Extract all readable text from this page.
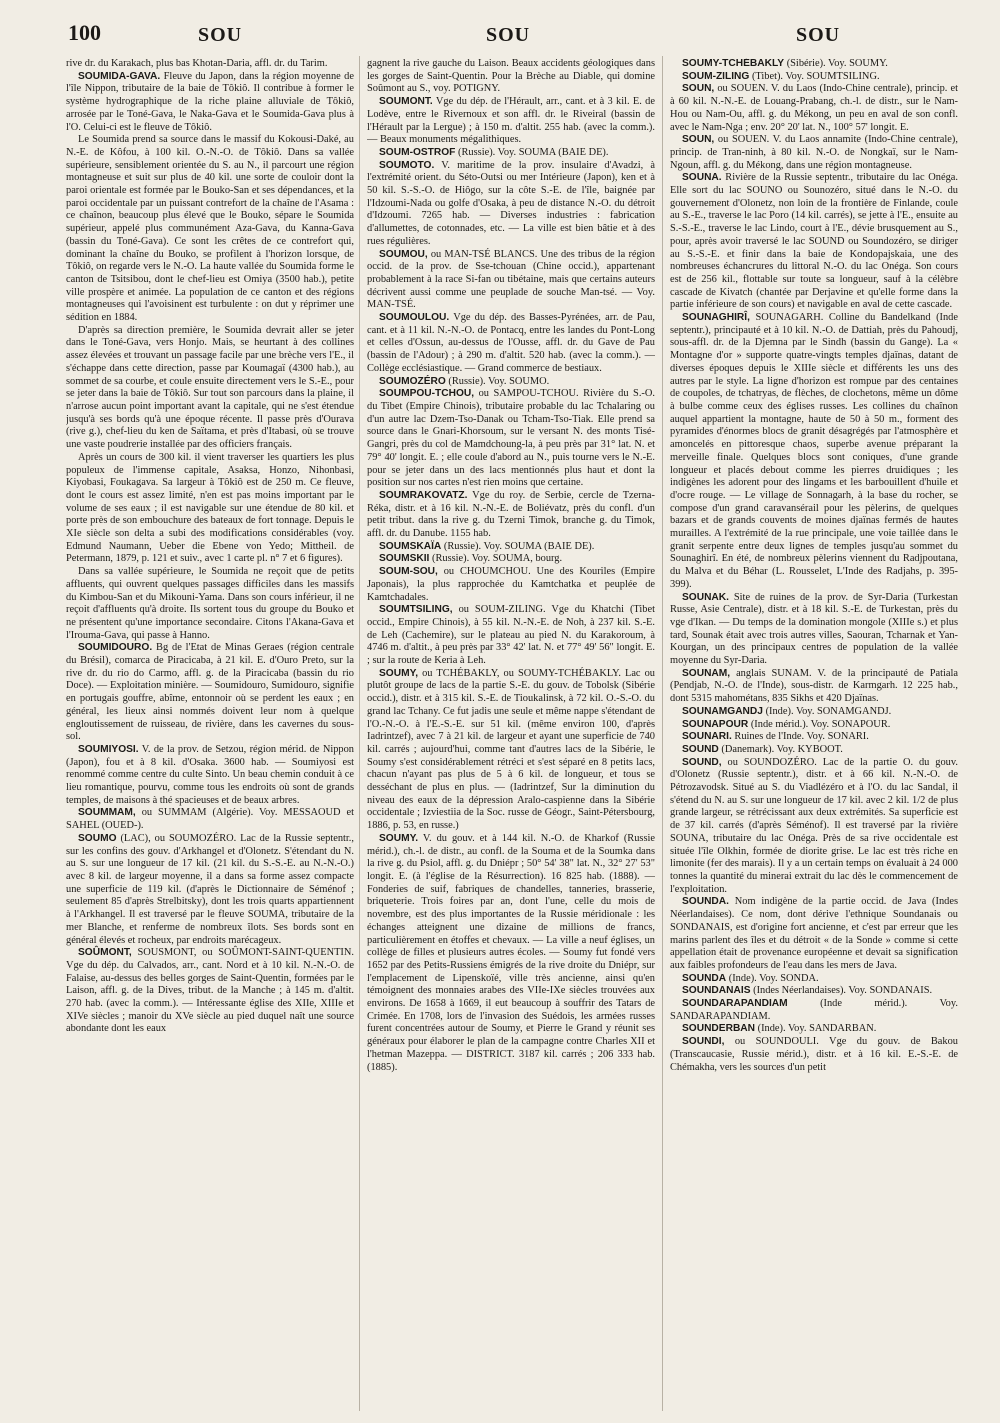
100	SOU	SOU	SOU

rive dr. du Karakach, plus bas Khotan-Daria, affl. dr. du Tarim.

SOUMIDA-GAVA. Fleuve du Japon, dans la région moyenne de l'île Nippon, tributaire de la baie de Tôkiô. Il contribue à former le système hydrographique de la riche plaine alluviale de Tôkiô, arrosée par le Toné-Gava, le Naka-Gava et le Soumida-Gava plus à l'O. Celui-ci est le fleuve de Tôkiô.

Le Soumida prend sa source dans le massif du Kokousi-Daké, au N.-E. de Kôfou, à 100 kil. O.-N.-O. de Tôkiô. Dans sa vallée supérieure, sensiblement orientée du S. au N., il parcourt une région montagneuse et suit sur plus de 40 kil. une sorte de couloir dont la paroi orientale est formée par le Bouko-San et ses dépendances, et la paroi occidentale par un puissant contrefort de la chaîne de l'Asama : ce chaînon, beaucoup plus élevé que le Bouko, sépare le Soumida supérieur, appelé plus communément Aza-Gava, du Kanna-Gava (bassin du Toné-Gava). Ce sont les crêtes de ce contrefort qui, dominant la chaîne du Bouko, se profilent à l'horizon lorsque, de Tôkiô, on regarde vers le N.-O. La haute vallée du Soumida forme le canton de Tsitsibou, dont le chef-lieu est Omiya (3500 hab.), petite ville prospère et animée. La population de ce canton et des régions montagneuses qui l'avoisinent est turbulente : on dut y réprimer une sédition en 1884.

D'après sa direction première, le Soumida devrait aller se jeter dans le Toné-Gava, vers Honjo. Mais, se heurtant à des collines assez élevées et trouvant un passage facile par une brèche vers l'E., il s'échappe dans cette direction, passe par Koumagaï (4300 hab.), au sommet de sa courbe, et coule ensuite directement vers le S.-E., pour se jeter dans la baie de Tôkiô. Sur tout son parcours dans la plaine, il n'arrose aucun point important avant la capitale, qui ne s'est étendue jusqu'à ses bords qu'à une époque récente. Il passe près d'Ourava (rive g.), chef-lieu du ken de Saïtama, et près d'Itabasi, où se trouve une vaste poudrerie installée par des officiers français.

Après un cours de 300 kil. il vient traverser les quartiers les plus populeux de l'immense capitale, Asaksa, Honzo, Nihonbasi, Kiyobasi, Foukagava. Sa largeur à Tôkiô est de 250 m. Ce fleuve, dont le cours est assez limité, n'en est pas moins important par le volume de ses eaux ; il est navigable sur une étendue de 80 kil. et porte près de son embouchure des bateaux de fort tonnage. Depuis le XIe siècle son delta a subi des modifications considérables (voy. Edmund Naumann, Ueber die Ebene von Yedo; Mittheil. de Petermann, 1879, p. 121 et suiv., avec 1 carte pl. n° 7 et 6 figures).

Dans sa vallée supérieure, le Soumida ne reçoit que de petits affluents, qui ouvrent quelques passages difficiles dans les massifs du Kimbou-San et du Mikouni-Yama. Dans son cours inférieur, il ne reçoit d'affluents qu'à droite. Ils sortent tous du groupe du Bouko et ne présentent qu'une importance secondaire. Citons l'Akana-Gava et l'Irouma-Gava, qui passe à Hanno.

SOUMIDOURO. Bg de l'Etat de Minas Geraes (région centrale du Brésil), comarca de Piracicaba, à 21 kil. E. d'Ouro Preto, sur la rive dr. du rio do Carmo, affl. g. de la Piracicaba (bassin du rio Doce). — Exploitation minière. — Soumidouro, Sumidouro, signifie en portugais gouffre, abîme, entonnoir où se perdent les eaux ; en général, les lieux ainsi nommés doivent leur nom à quelque engloutissement de ruisseau, de rivière, dans les cavernes du sous-sol.

SOUMIYOSI. V. de la prov. de Setzou, région mérid. de Nippon (Japon), fou et à 8 kil. d'Osaka. 3600 hab. — Soumiyosi est renommé comme centre du culte Sinto. Un beau chemin conduit à ce lieu romantique, pourvu, comme tous les endroits où sont de grands temples, de maisons à thé spacieuses et de beaux arbres.

SOUMMAM, ou SUMMAM (Algérie). Voy. MESSAOUD et SAHEL (OUED-).

SOUMO (LAC), ou SOUMOZÉRO. Lac de la Russie septentr., sur les confins des gouv. d'Arkhangel et d'Olonetz. S'étendant du N. au S. sur une longueur de 17 kil. (21 kil. du S.-S.-E. au N.-N.-O.) avec 8 kil. de largeur moyenne, il a dans sa forme assez compacte une superficie de 119 kil. (d'après le Dictionnaire de Séménof ; seulement 85 d'après Strelbitsky), dont les trois quarts appartiennent à l'Arkhangel. Il est traversé par le fleuve SOUMA, tributaire de la mer Blanche, et renferme de nombreux îlots. Ses bords sont en général élevés et rocheux, par endroits marécageux.

SOÛMONT, SOUSMONT, ou SOÛMONT-SAINT-QUENTIN. Vge du dép. du Calvados, arr., cant. Nord et à 10 kil. N.-N.-O. de Falaise, au-dessus des belles gorges de Saint-Quentin, formées par le Laison, affl. g. de la Dives, tribut. de la Manche ; à 145 m. d'altit. 270 hab. (avec la comm.). — Intéressante église des XIIe, XIIIe et XIVe siècles ; manoir du XVe siècle au pied duquel naît une source abondante dont les eaux

gagnent la rive gauche du Laison. Beaux accidents géologiques dans les gorges de Saint-Quentin. Pour la Brèche au Diable, qui domine Soûmont au S., voy. POTIGNY.

SOUMONT. Vge du dép. de l'Hérault, arr., cant. et à 3 kil. E. de Lodève, entre le Rivernoux et son affl. dr. le Riveiral (bassin de l'Hérault par la Lergue) ; à 150 m. d'altit. 255 hab. (avec la comm.). — Beaux monuments mégalithiques.

SOUM-OSTROF (Russie). Voy. SOUMA (BAIE DE).

SOUMOTO. V. maritime de la prov. insulaire d'Avadzi, à l'extrémité orient. du Séto-Outsi ou mer Intérieure (Japon), ken et à 50 kil. S.-S.-O. de Hiôgo, sur la côte S.-E. de l'île, baignée par l'Idzoumi-Nada ou golfe d'Osaka, à peu de distance N.-O. du détroit d'Idzoumi. 7265 hab. — Diverses industries : fabrication d'allumettes, de cotonnades, etc. — La ville est bien bâtie et à des rues régulières.

SOUMOU, ou MAN-TSÉ BLANCS. Une des tribus de la région occid. de la prov. de Sse-tchouan (Chine occid.), appartenant probablement à la race Si-fan ou tibétaine, mais que certains auteurs décrivent aussi comme une peuplade de souche Man-tsé. — Voy. MAN-TSÉ.

SOUMOULOU. Vge du dép. des Basses-Pyrénées, arr. de Pau, cant. et à 11 kil. N.-N.-O. de Pontacq, entre les landes du Pont-Long et celles d'Ossun, au-dessus de l'Ousse, affl. dr. du Gave de Pau (bassin de l'Adour) ; à 290 m. d'altit. 520 hab. (avec la comm.). — Collège ecclésiastique. — Grand commerce de bestiaux.

SOUMOZÉRO (Russie). Voy. SOUMO.

SOUMPOU-TCHOU, ou SAMPOU-TCHOU. Rivière du S.-O. du Tibet (Empire Chinois), tributaire probable du lac Tchalaring ou d'un autre lac Dzem-Tso-Danak ou Tcham-Tso-Tiak. Elle prend sa source dans le Gnari-Khorsoum, sur le versant N. des monts Tisé-Gangri, près du col de Mamdchoung-la, à peu près par 31° lat. N. et 79° 40' longit. E. ; elle coule d'abord au N., puis tourne vers le N.-E. pour se jeter dans un des lacs mentionnés plus haut et dont la position sur nos cartes n'est rien moins que certaine.

SOUMRAKOVATZ. Vge du roy. de Serbie, cercle de Tzerna-Réka, distr. et à 16 kil. N.-N.-E. de Boliévatz, près du confl. d'un petit tribut. dans la rive g. du Tzerni Timok, branche g. du Timok, affl. dr. du Danube. 1155 hab.

SOUMSKAÏA (Russie). Voy. SOUMA (BAIE DE).

SOUMSKII (Russie). Voy. SOUMA, bourg.

SOUM-SOU, ou CHOUMCHOU. Une des Kouriles (Empire Japonais), la plus rapprochée du Kamtchatka et peuplée de Kamtchadales.

SOUMTSILING, ou SOUM-ZILING. Vge du Khatchi (Tibet occid., Empire Chinois), à 55 kil. N.-N.-E. de Noh, à 237 kil. S.-E. de Leh (Cachemire), sur le plateau au pied N. du Karakoroum, à 4746 m. d'altit., à peu près par 33° 42' lat. N. et 77° 49' 56" longit. E. ; sur la route de Keria à Leh.

SOUMY, ou TCHÉBAKLY, ou SOUMY-TCHÉBAKLY. Lac ou plutôt groupe de lacs de la partie S.-E. du gouv. de Tobolsk (Sibérie occid.), distr. et à 315 kil. S.-E. de Tioukalinsk, à 72 kil. O.-S.-O. du grand lac Tchany. Ce fut jadis une seule et même nappe s'étendant de l'O.-N.-O. à l'E.-S.-E. sur 51 kil. (même environ 100, d'après Iadrintzef), avec 7 à 21 kil. de largeur et ayant une superficie de 740 kil. carrés ; aujourd'hui, comme tant d'autres lacs de la Sibérie, le Soumy s'est considérablement rétréci et s'est séparé en 8 petits lacs, chacun n'ayant pas plus de 5 à 6 kil. de longueur, et tous se desséchant de plus en plus. — (Iadrintzef, Sur la diminution du niveau des eaux de la dépression Aralo-caspienne dans la Sibérie occidentale ; Izviestiia de la Soc. russe de Géogr., Saint-Pétersbourg, 1886, p. 53, en russe.)

SOUMY. V. du gouv. et à 144 kil. N.-O. de Kharkof (Russie mérid.), ch.-l. de distr., au confl. de la Souma et de la Soumka dans la rive g. du Psiol, affl. g. du Dniépr ; 50° 54' 38" lat. N., 32° 27' 53" longit. E. (à l'église de la Résurrection). 16 825 hab. (1888). — Fonderies de suif, fabriques de chandelles, tanneries, brasserie, briqueterie. Trois foires par an, dont l'une, celle du mois de novembre, est des plus importantes de la Russie méridionale : les échanges atteignent une dizaine de millions de francs, particulièrement en étoffes et chevaux. — La ville a neuf églises, un collège de filles et plusieurs autres écoles. — Soumy fut fondé vers 1652 par des Petits-Russiens émigrés de la rive droite du Dniépr, sur l'emplacement de Lipenskoïé, ville très ancienne, ainsi qu'en témoignent des monnaies arabes des VIIe-IXe siècles trouvées aux environs. De 1658 à 1669, il eut beaucoup à souffrir des Tatars de Crimée. En 1708, lors de l'invasion des Suédois, les armées russes furent concentrées autour de Soumy, et Pierre le Grand y réunit ses généraux pour élaborer le plan de la campagne contre Charles XII et l'hetman Mazeppa. — DISTRICT. 3187 kil. carrés ; 206 333 hab. (1885).

SOUMY-TCHÉBAKLY (Sibérie). Voy. SOUMY.

SOUM-ZILING (Tibet). Voy. SOUMTSILING.

SOUN, ou SOUEN. V. du Laos (Indo-Chine centrale), princip. et à 60 kil. N.-N.-E. de Louang-Prabang, ch.-l. de distr., sur le Nam-Hou ou Nam-Ou, affl. g. du Mékong, un peu en aval de son confl. avec le Nam-Nga ; env. 20° 20' lat. N., 100° 57' longit. E.

SOUN, ou SOUEN. V. du Laos annamite (Indo-Chine centrale), princip. de Tran-ninh, à 80 kil. N.-O. de Nongkaï, sur le Nam-Ngoun, affl. g. du Mékong, dans une région montagneuse.

SOUNA. Rivière de la Russie septentr., tributaire du lac Onéga. Elle sort du lac SOUNO ou Sounozéro, situé dans le N.-O. du gouvernement d'Olonetz, non loin de la frontière de Finlande, coule au S.-E., traverse le lac Poro (14 kil. carrés), se jette à l'E., ensuite au S.-S.-E., traverse le lac Lindo, court à l'E., dévie brusquement au S., pour, après avoir traversé le lac SOUND ou Soundozéro, se diriger au S.-S.-E. et finir dans la baie de Kondopajskaia, une des nombreuses échancrures du littoral N.-O. du lac Onéga. Son cours est de 256 kil., flottable sur toute sa longueur, sauf à la célèbre cascade de Kivatch (chantée par Derjavine et qu'elle forme dans la partie inférieure de son cours) et navigable en aval de cette cascade.

SOUNAGHIRÎ, SOUNAGARH. Colline du Bandelkand (Inde septentr.), principauté et à 10 kil. N.-O. de Dattiah, près du Pahoudj, sous-affl. dr. de la Djemna par le Sindh (bassin du Gange). La « Montagne d'or » supporte quatre-vingts temples djaïnas, datant de diverses époques depuis le XIIIe siècle et différents les uns des autres par le style. La ligne d'horizon est rompue par des centaines de coupoles, de tchatryas, de flèches, de clochetons, même un dôme à bulbe comme ceux des églises russes. Les collines du chaînon auquel appartient la montagne, haute de 50 à 50 m., forment des pyramides d'énormes blocs de granit désagrégés par l'atmosphère et amoncelés en pittoresque chaos, superbe avenue préparant la merveille finale. Quelques blocs sont coniques, d'une grande longueur et placés debout comme les pierres druidiques ; les indigènes les adorent pour des lingams et les barbouillent d'huile et d'ocre rouge. — Le village de Sonnagarh, à la base du rocher, se compose d'un grand caravansérail pour les pèlerins, de quelques bazars et de grands couvents de moines djaïnas fermés de hautes murailles. A l'extrémité de la rue principale, une voie taillée dans le granit serpente entre deux lignes de temples jusqu'au sommet du Sounaghirî. En été, de nombreux pèlerins viennent du Radjpoutana, du Malva et du Béhar (L. Rousselet, L'Inde des Radjahs, p. 395-399).

SOUNAK. Site de ruines de la prov. de Syr-Daria (Turkestan Russe, Asie Centrale), distr. et à 18 kil. S.-E. de Turkestan, près du vge d'Ikan. — Du temps de la domination mongole (XIIIe s.) et plus tard, Sounak était avec trois autres villes, Saouran, Tcharnak et Yan-Kourgan, un des principaux centres de population de la vallée moyenne du Syr-Daria.

SOUNAM, anglais SUNAM. V. de la principauté de Patiala (Pendjab, N.-O. de l'Inde), sous-distr. de Karmgarh. 12 225 hab., dont 5315 mahométans, 835 Sikhs et 420 Djaïnas.

SOUNAMGANDJ (Inde). Voy. SONAMGANDJ.

SOUNAPOUR (Inde mérid.). Voy. SONAPOUR.

SOUNARI. Ruines de l'Inde. Voy. SONARI.

SOUND (Danemark). Voy. KYBOOT.

SOUND, ou SOUNDOZÉRO. Lac de la partie O. du gouv. d'Olonetz (Russie septentr.), distr. et à 66 kil. N.-N.-O. de Pétrozavodsk. Situé au S. du Viadlézéro et à l'O. du lac Sandal, il s'étend du N. au S. sur une longueur de 17 kil. avec 2 kil. 1/2 de plus grande largeur, se rétrécissant aux deux extrémités. Sa superficie est de 37 kil. carrés (d'après Séménof). Il est traversé par la rivière SOUNA, tributaire du lac Onéga. Près de sa rive occidentale est située l'île Olkhin, formée de diorite grise. Le lac est très riche en limonite (fer des marais). Il y a un certain temps on évaluait à 24 000 tonnes la quantité du minerai extrait du lac dès le commencement de l'exploitation.

SOUNDA. Nom indigène de la partie occid. de Java (Indes Néerlandaises). Ce nom, dont dérive l'ethnique Soundanais ou SONDANAIS, est d'origine fort ancienne, et c'est par erreur que les marins parlent des îles et du détroit « de la Sonde » comme si cette appellation était de provenance européenne et devait sa signification aux faibles profondeurs de l'eau dans les mers de Java.

SOUNDA (Inde). Voy. SONDA.

SOUNDANAIS (Indes Néerlandaises). Voy. SONDANAIS.

SOUNDARAPANDIAM	(Inde mérid.). Voy. SANDARAPANDIAM.

SOUNDERBAN (Inde). Voy. SANDARBAN.

SOUNDI, ou SOUNDOULI. Vge du gouv. de Bakou (Transcaucasie, Russie mérid.), distr. et à 16 kil. E.-S.-E. de Chémakha, vers les sources d'un petit
